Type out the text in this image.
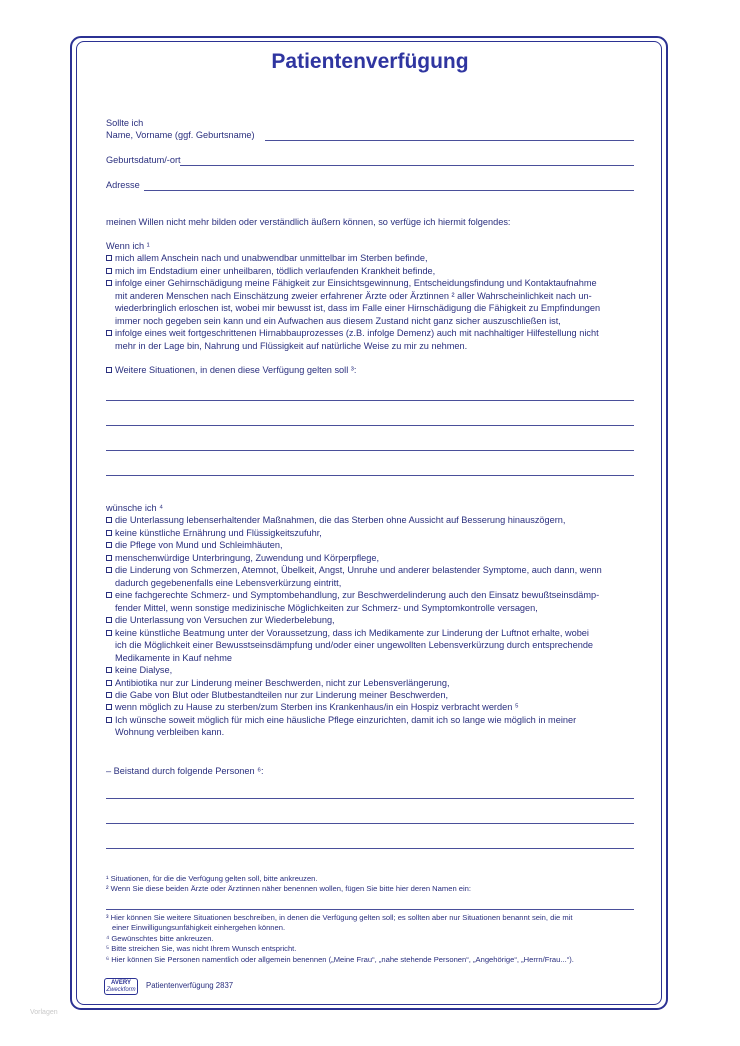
Patientenverfügung
Sollte ich
Name, Vorname (ggf. Geburtsname)
Geburtsdatum/-ort
Adresse
meinen Willen nicht mehr bilden oder verständlich äußern können, so verfüge ich hiermit folgendes:
Wenn ich ¹
mich allem Anschein nach und unabwendbar unmittelbar im Sterben befinde,
mich im Endstadium einer unheilbaren, tödlich verlaufenden Krankheit befinde,
infolge einer Gehirnschädigung meine Fähigkeit zur Einsichtsgewinnung, Entscheidungsfindung und Kontaktaufnahme
mit anderen Menschen nach Einschätzung zweier erfahrener Ärzte oder Ärztinnen ² aller Wahrscheinlichkeit nach un-
wiederbringlich erloschen ist, wobei mir bewusst ist, dass im Falle einer Hirnschädigung die Fähigkeit zu Empfindungen
immer noch gegeben sein kann und ein Aufwachen aus diesem Zustand nicht ganz sicher auszuschließen ist,
infolge eines weit fortgeschrittenen Hirnabbauprozesses (z.B. infolge Demenz) auch mit nachhaltiger Hilfestellung nicht
mehr in der Lage bin, Nahrung und Flüssigkeit auf natürliche Weise zu mir zu nehmen.
Weitere Situationen, in denen diese Verfügung gelten soll ³:
wünsche ich ⁴
die Unterlassung lebenserhaltender Maßnahmen, die das Sterben ohne Aussicht auf Besserung hinauszögern,
keine künstliche Ernährung und Flüssigkeitszufuhr,
die Pflege von Mund und Schleimhäuten,
menschenwürdige Unterbringung, Zuwendung und Körperpflege,
die Linderung von Schmerzen, Atemnot, Übelkeit, Angst, Unruhe und anderer belastender Symptome, auch dann, wenn
dadurch gegebenenfalls eine Lebensverkürzung eintritt,
eine fachgerechte Schmerz- und Symptombehandlung, zur Beschwerdelinderung auch den Einsatz bewußtseinsdämp-
fender Mittel, wenn sonstige medizinische Möglichkeiten zur Schmerz- und Symptomkontrolle versagen,
die Unterlassung von Versuchen zur Wiederbelebung,
keine künstliche Beatmung unter der Voraussetzung, dass ich Medikamente zur Linderung der Luftnot erhalte, wobei
ich die Möglichkeit einer Bewusstseinsdämpfung und/oder einer ungewollten Lebensverkürzung durch entsprechende
Medikamente in Kauf nehme
keine Dialyse,
Antibiotika nur zur Linderung meiner Beschwerden, nicht zur Lebensverlängerung,
die Gabe von Blut oder Blutbestandteilen nur zur Linderung meiner Beschwerden,
wenn möglich zu Hause zu sterben/zum Sterben ins Krankenhaus/in ein Hospiz verbracht werden ⁵
Ich wünsche soweit möglich für mich eine häusliche Pflege einzurichten, damit ich so lange wie möglich in meiner
Wohnung verbleiben kann.
– Beistand durch folgende Personen ⁶:
¹ Situationen, für die die Verfügung gelten soll, bitte ankreuzen.
² Wenn Sie diese beiden Ärzte oder Ärztinnen näher benennen wollen, fügen Sie bitte hier deren Namen ein:
³ Hier können Sie weitere Situationen beschreiben, in denen die Verfügung gelten soll; es sollten aber nur Situationen benannt sein, die mit
einer Einwilligungsunfähigkeit einhergehen können.
⁴ Gewünschtes bitte ankreuzen.
⁵ Bitte streichen Sie, was nicht Ihrem Wunsch entspricht.
⁶ Hier können Sie Personen namentlich oder allgemein benennen („Meine Frau“, „nahe stehende Personen“, „Angehörige“, „Herrn/Frau...“).
AVERY
Zweckform Patientenverfügung 2837
Vorlagen
